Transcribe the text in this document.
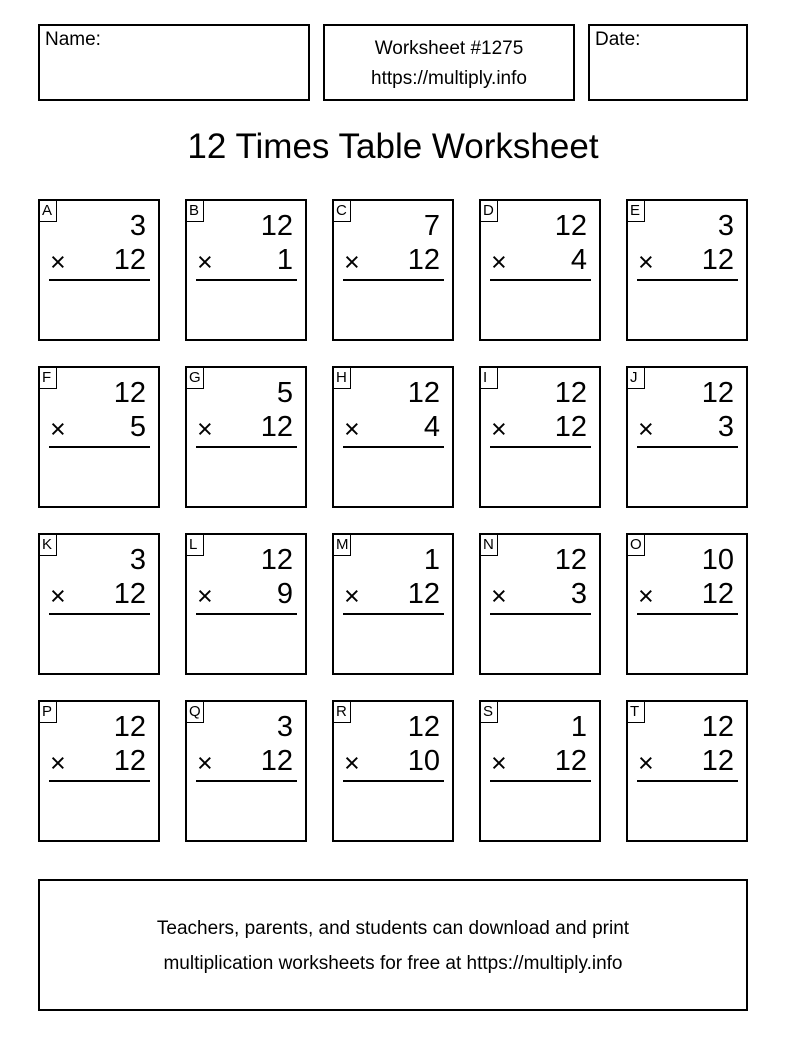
Name:	Worksheet #1275
https://multiply.info
Date:
12 Times Table Worksheet
A	3
× 12
B 12
× 1
C	7
× 12
D 12
× 4
E	3
× 12
F 12
× 5
G	5
× 12
H 12
× 4
I	12
× 12
J 12
× 3
K	3
× 12
L 12
× 9
M	1
× 12
N 12
× 3
O 10
× 12
P 12
× 12
Q	3
× 12
R 12
× 10
S	1
× 12
T 12
× 12
Teachers, parents, and students can download and print
multiplication worksheets for free at https://multiply.info
